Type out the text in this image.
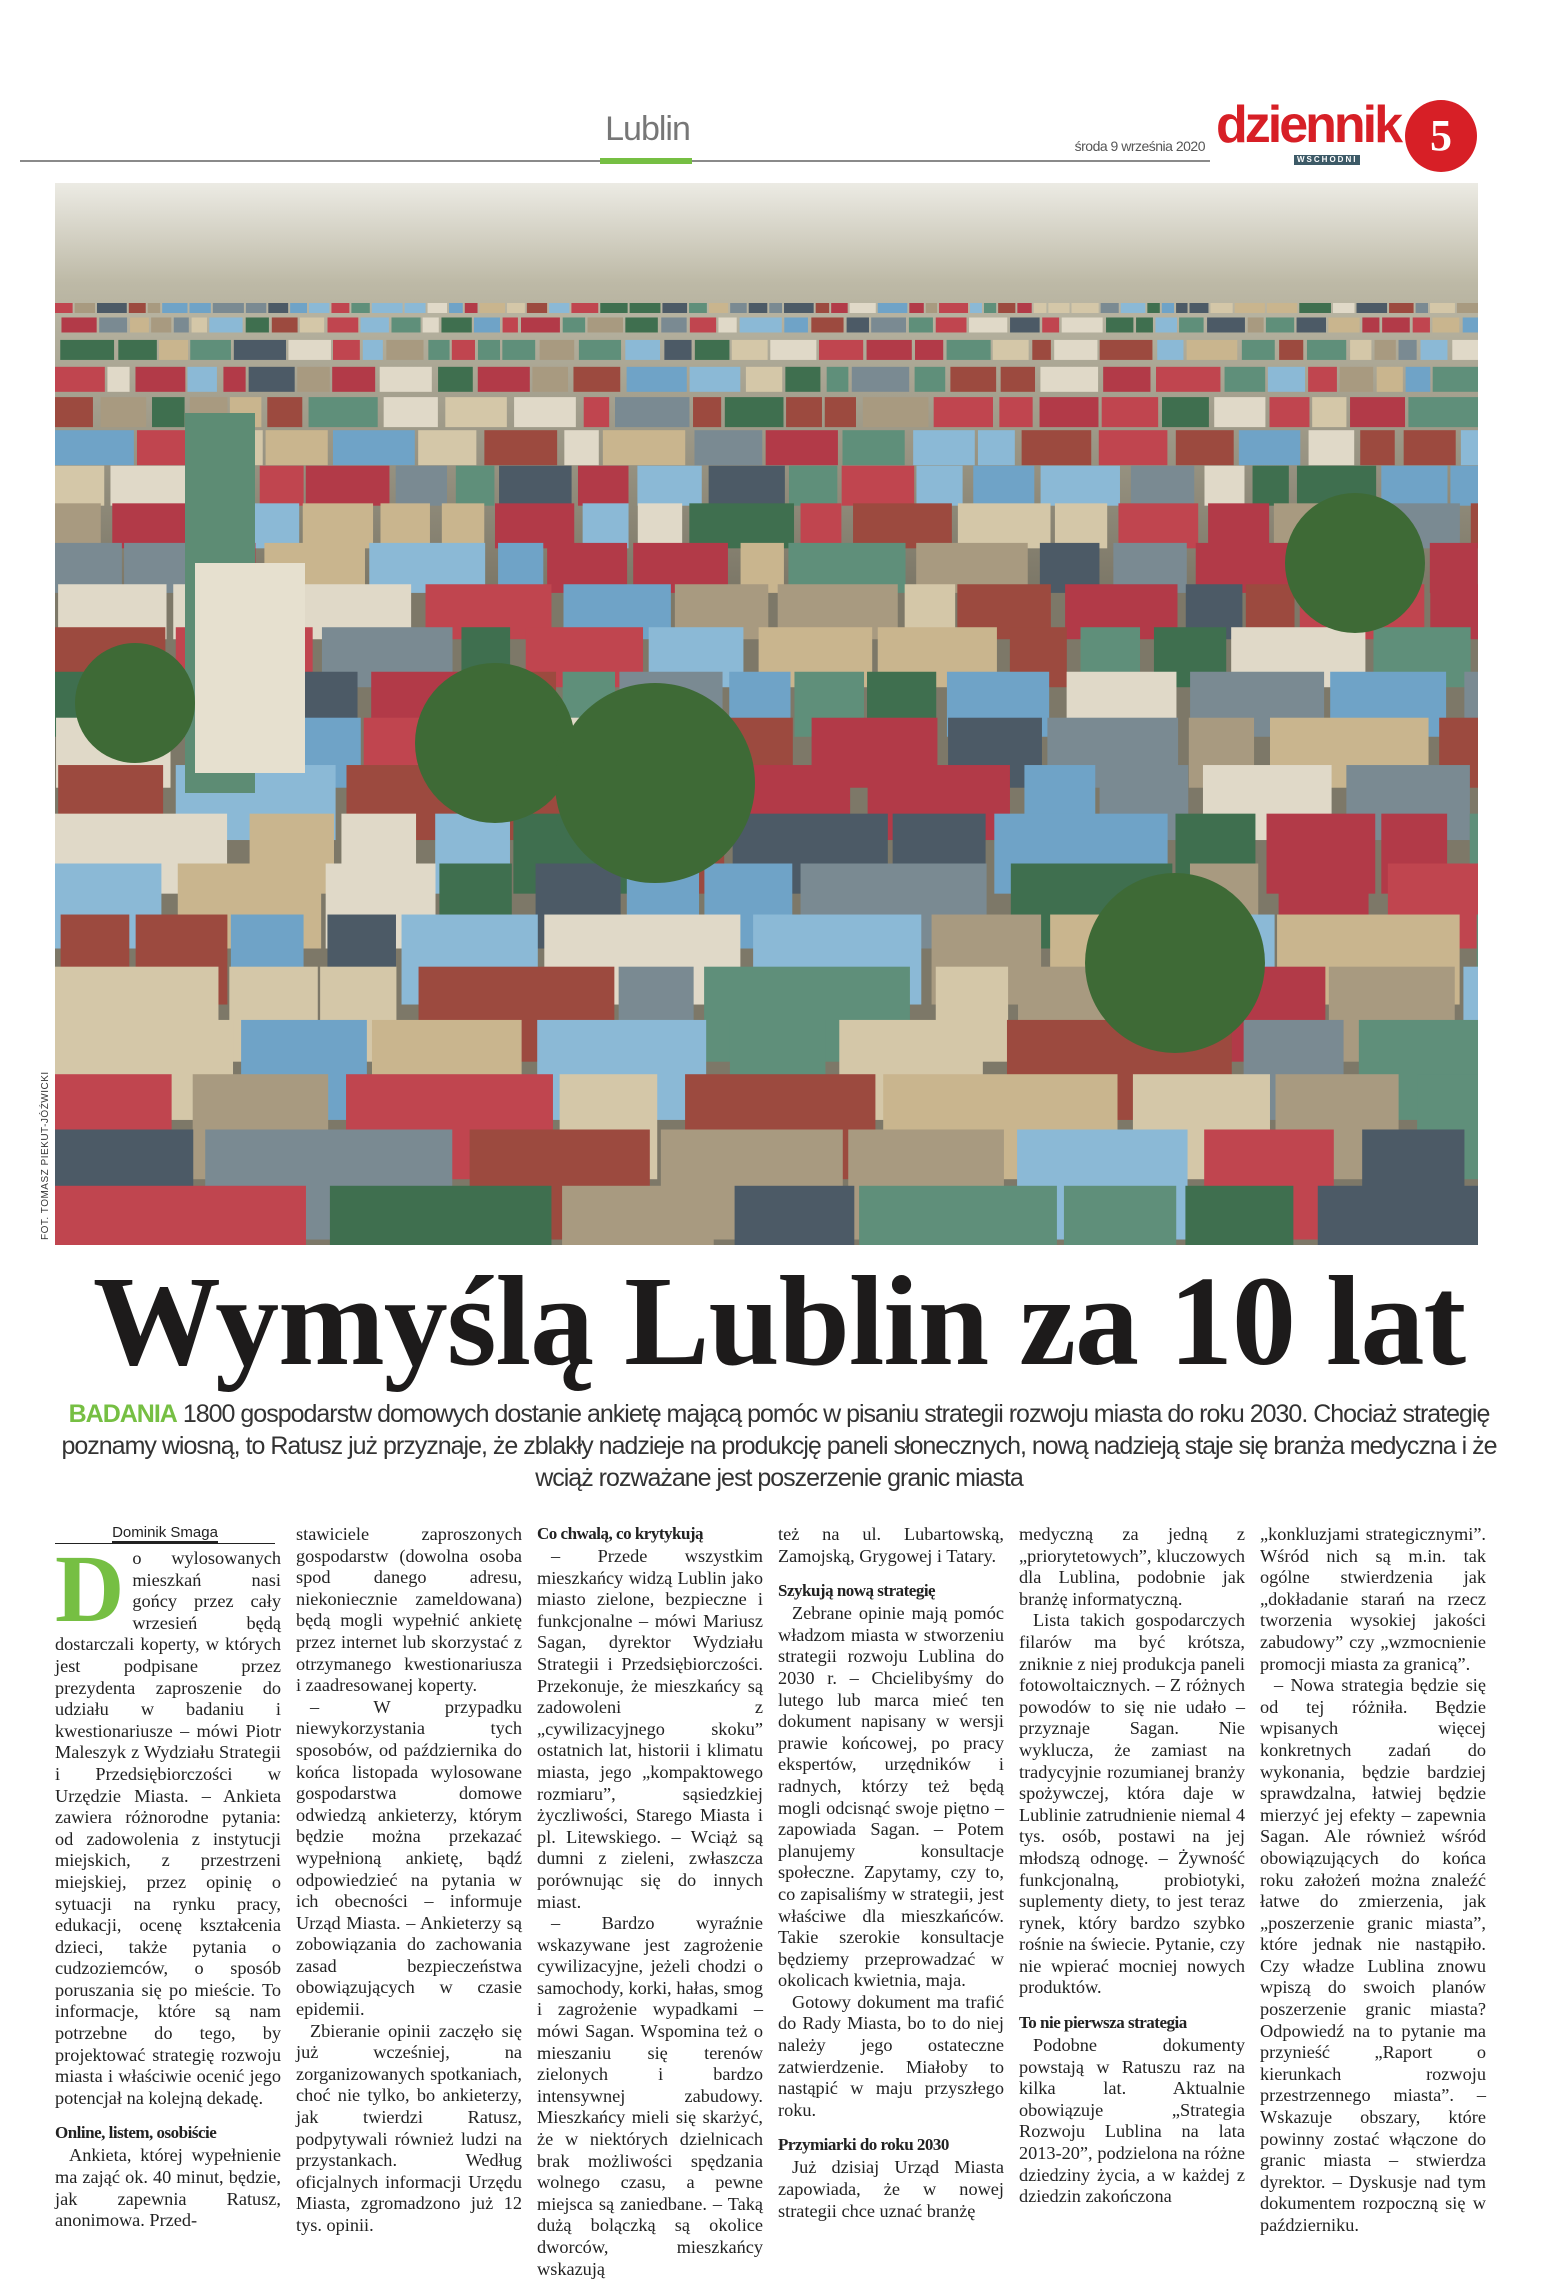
Lublin	środa 9 września 2020 dziennik
WSCHODNI	5
FOT. TOMASZ PIEKUT-JÓŹWICKI
Wymyślą Lublin za 10 lat
BADANIA 1800 gospodarstw domowych dostanie ankietę mającą pomóc w pisaniu strategii rozwoju miasta do roku 2030. Chociaż strategię poznamy wiosną, to Ratusz już przyznaje, że zblakły nadzieje na produkcję paneli słonecznych, nową nadzieją staje się branża medyczna i że wciąż rozważane jest poszerzenie granic miasta
Dominik Smaga

Do wylosowanych mieszkań nasi gońcy przez cały wrzesień będą dostarczali koperty, w których jest podpisane przez prezydenta zaproszenie do udziału w badaniu i kwestionariusze – mówi Piotr Maleszyk z Wydziału Strategii i Przedsiębiorczości w Urzędzie Miasta. – Ankieta zawiera różnorodne pytania: od zadowolenia z instytucji miejskich, z przestrzeni miejskiej, przez opinię o sytuacji na rynku pracy, edukacji, ocenę kształcenia dzieci, także pytania o cudzoziemców, o sposób poruszania się po mieście. To informacje, które są nam potrzebne do tego, by projektować strategię rozwoju miasta i właściwie ocenić jego potencjał na kolejną dekadę.

Online, listem, osobiście

Ankieta, której wypełnienie ma zająć ok. 40 minut, będzie, jak zapewnia Ratusz, anonimowa. Przed-

stawiciele zaproszonych gospodarstw (dowolna osoba spod danego adresu, niekoniecznie zameldowana) będą mogli wypełnić ankietę przez internet lub skorzystać z otrzymanego kwestionariusza i zaadresowanej koperty.

– W przypadku niewykorzystania tych sposobów, od października do końca listopada wylosowane gospodarstwa domowe odwiedzą ankieterzy, którym będzie można przekazać wypełnioną ankietę, bądź odpowiedzieć na pytania w ich obecności – informuje Urząd Miasta. – Ankieterzy są zobowiązania do zachowania zasad bezpieczeństwa obowiązujących w czasie epidemii.

Zbieranie opinii zaczęło się już wcześniej, na zorganizowanych spotkaniach, choć nie tylko, bo ankieterzy, jak twierdzi Ratusz, podpytywali również ludzi na przystankach. Według oficjalnych informacji Urzędu Miasta, zgromadzono już 12 tys. opinii.

Co chwalą, co krytykują

– Przede wszystkim mieszkańcy widzą Lublin jako miasto zielone, bezpieczne i funkcjonalne – mówi Mariusz Sagan, dyrektor Wydziału Strategii i Przedsiębiorczości. Przekonuje, że mieszkańcy są zadowoleni z „cywilizacyjnego skoku” ostatnich lat, historii i klimatu miasta, jego „kompaktowego rozmiaru”, sąsiedzkiej życzliwości, Starego Miasta i pl. Litewskiego. – Wciąż są dumni z zieleni, zwłaszcza porównując się do innych miast.

– Bardzo wyraźnie wskazywane jest zagrożenie cywilizacyjne, jeżeli chodzi o samochody, korki, hałas, smog i zagrożenie wypadkami – mówi Sagan. Wspomina też o mieszaniu się terenów zielonych i bardzo intensywnej zabudowy. Mieszkańcy mieli się skarżyć, że w niektórych dzielnicach brak możliwości spędzania wolnego czasu, a pewne miejsca są zaniedbane. – Taką dużą bolączką są okolice dworców, mieszkańcy wskazują

też na ul. Lubartowską, Zamojską, Grygowej i Tatary.

Szykują nową strategię

Zebrane opinie mają pomóc władzom miasta w stworzeniu strategii rozwoju Lublina do 2030 r. – Chcielibyśmy do lutego lub marca mieć ten dokument napisany w wersji prawie końcowej, po pracy ekspertów, urzędników i radnych, którzy też będą mogli odcisnąć swoje piętno – zapowiada Sagan. – Potem planujemy konsultacje społeczne. Zapytamy, czy to, co zapisaliśmy w strategii, jest właściwe dla mieszkańców. Takie szerokie konsultacje będziemy przeprowadzać w okolicach kwietnia, maja.

Gotowy dokument ma trafić do Rady Miasta, bo to do niej należy jego ostateczne zatwierdzenie. Miałoby to nastąpić w maju przyszłego roku.

Przymiarki do roku 2030

Już dzisiaj Urząd Miasta zapowiada, że w nowej strategii chce uznać branżę

medyczną za jedną z „priorytetowych”, kluczowych dla Lublina, podobnie jak branżę informatyczną.

Lista takich gospodarczych filarów ma być krótsza, zniknie z niej produkcja paneli fotowoltaicznych. – Z różnych powodów to się nie udało – przyznaje Sagan. Nie wyklucza, że zamiast na tradycyjnie rozumianej branży spożywczej, która daje w Lublinie zatrudnienie niemal 4 tys. osób, postawi na jej młodszą odnogę. – Żywność funkcjonalną, probiotyki, suplementy diety, to jest teraz rynek, który bardzo szybko rośnie na świecie. Pytanie, czy nie wpierać mocniej nowych produktów.

To nie pierwsza strategia

Podobne dokumenty powstają w Ratuszu raz na kilka lat. Aktualnie obowiązuje „Strategia Rozwoju Lublina na lata 2013-20”, podzielona na różne dziedziny życia, a w każdej z dziedzin zakończona

„konkluzjami strategicznymi”. Wśród nich są m.in. tak ogólne stwierdzenia jak „dokładanie starań na rzecz tworzenia wysokiej jakości zabudowy” czy „wzmocnienie promocji miasta za granicą”.

– Nowa strategia będzie się od tej różniła. Będzie wpisanych więcej konkretnych zadań do wykonania, będzie bardziej sprawdzalna, łatwiej będzie mierzyć jej efekty – zapewnia Sagan. Ale również wśród obowiązujących do końca roku założeń można znaleźć łatwe do zmierzenia, jak „poszerzenie granic miasta”, które jednak nie nastąpiło. Czy władze Lublina znowu wpiszą do swoich planów poszerzenie granic miasta? Odpowiedź na to pytanie ma przynieść „Raport o kierunkach rozwoju przestrzennego miasta”. – Wskazuje obszary, które powinny zostać włączone do granic miasta – stwierdza dyrektor. – Dyskusje nad tym dokumentem rozpoczną się w październiku.
